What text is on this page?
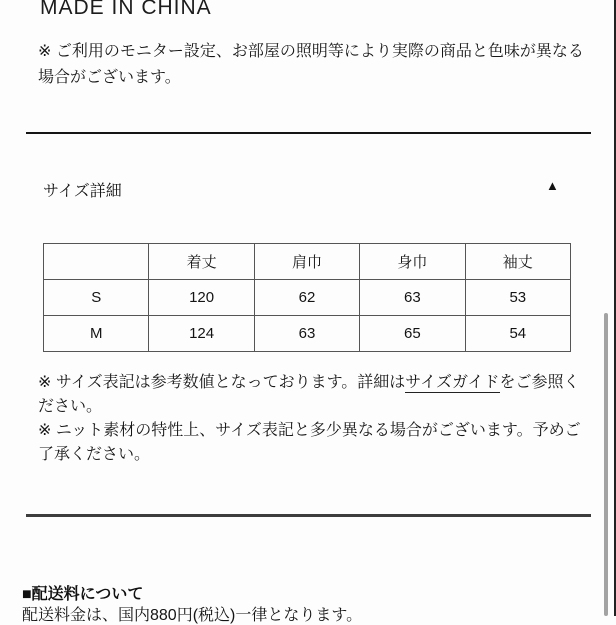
MADE IN CHINA
※ ご利用のモニター設定、お部屋の照明等により実際の商品と色味が異なる場合がございます。
サイズ詳細	▲
	着丈	肩巾	身巾	袖丈
S	120	62	63	53
M	124	63	65	54
※ サイズ表記は参考数値となっております。詳細はサイズガイドをご参照ください。
※ ニット素材の特性上、サイズ表記と多少異なる場合がございます。予めご了承ください。
■配送料について
配送料金は、国内880円(税込)一律となります。
